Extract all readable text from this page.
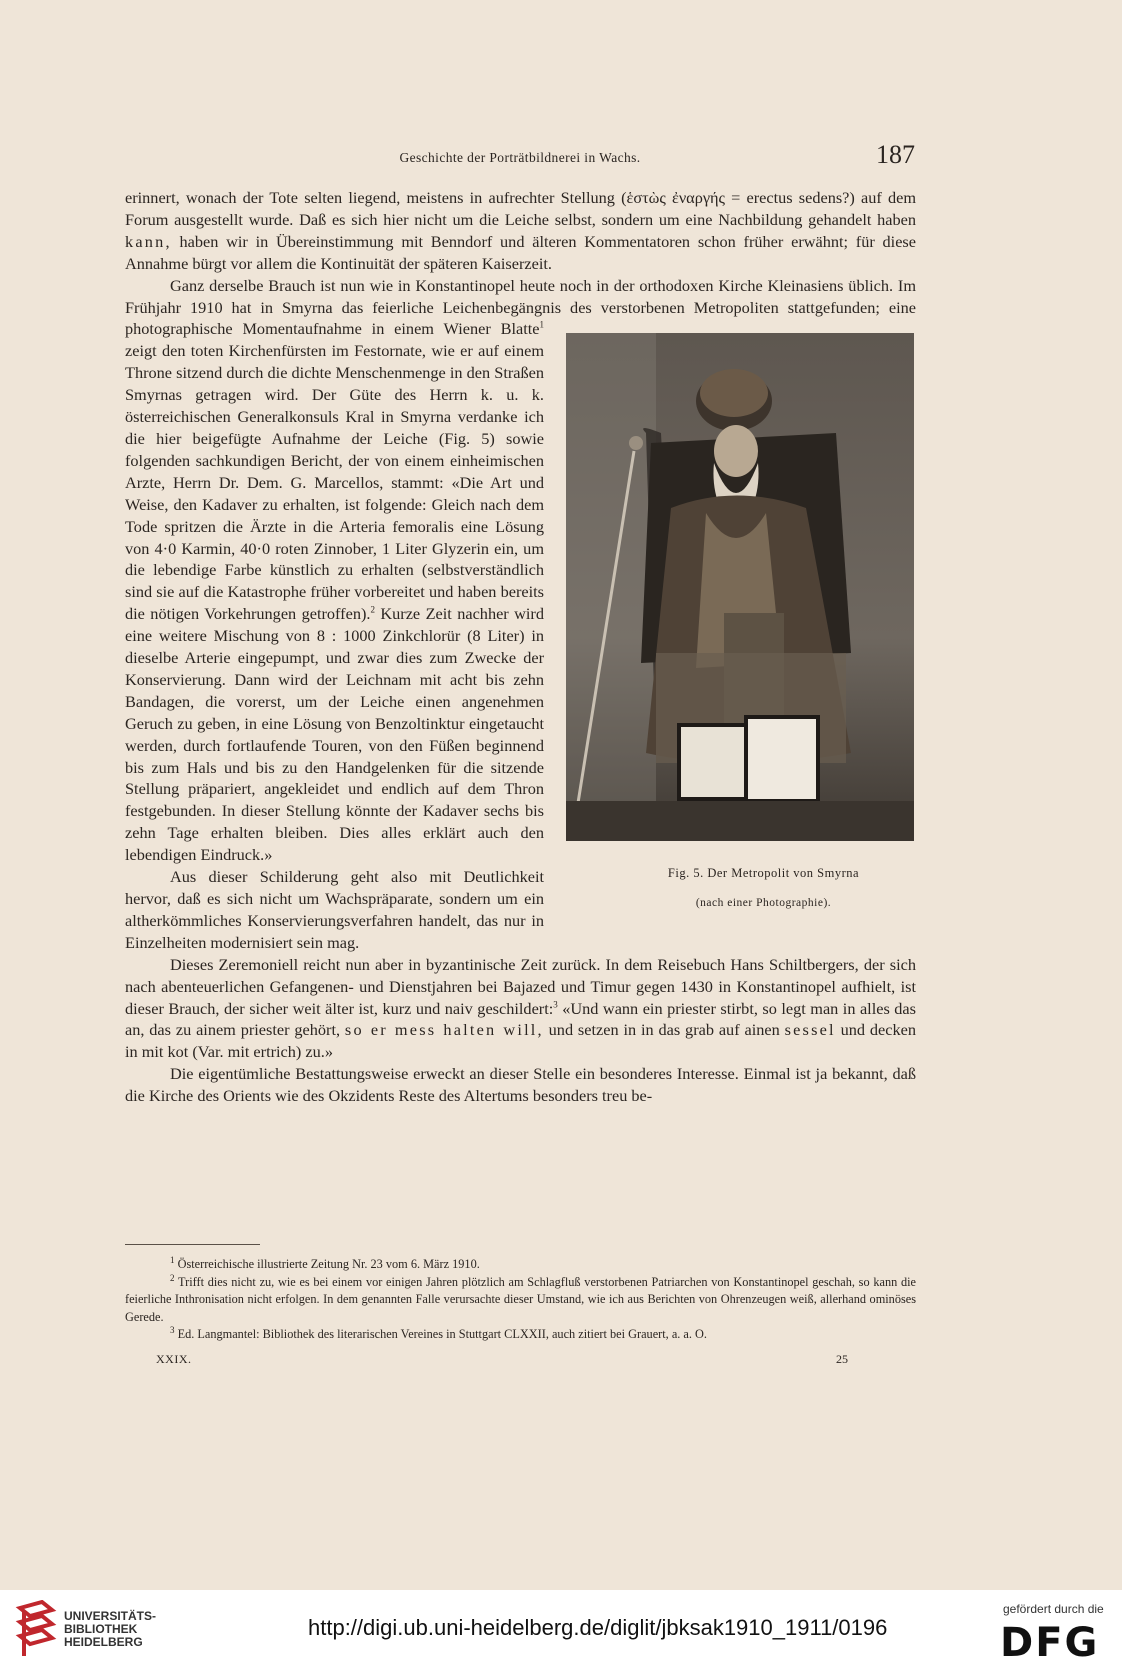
Geschichte der Porträtbildnerei in Wachs.	187

erinnert, wonach der Tote selten liegend, meistens in aufrechter Stellung (ἑστὼς ἐναργής = erectus sedens?) auf dem Forum ausgestellt wurde. Daß es sich hier nicht um die Leiche selbst, sondern um eine Nachbildung gehandelt haben kann, haben wir in Übereinstimmung mit Benndorf und älteren Kommentatoren schon früher erwähnt; für diese Annahme bürgt vor allem die Kontinuität der späteren Kaiserzeit.

Ganz derselbe Brauch ist nun wie in Konstantinopel heute noch in der orthodoxen Kirche Kleinasiens üblich. Im Frühjahr 1910 hat in Smyrna das feierliche Leichenbegängnis des verstorbenen Metropoliten stattgefunden; eine photographische Momentaufnahme in einem Wiener Blatte$^1$
Fig. 5. Der Metropolit von Smyrna
(nach einer Photographie).
zeigt den toten Kirchenfürsten im Festornate, wie er auf einem Throne sitzend durch die dichte Menschenmenge in den Straßen Smyrnas getragen wird. Der Güte des Herrn k. u. k. österreichischen Generalkonsuls Kral in Smyrna verdanke ich die hier beigefügte Aufnahme der Leiche (Fig. 5) sowie folgenden sachkundigen Bericht, der von einem einheimischen Arzte, Herrn Dr. Dem. G. Marcellos, stammt: «Die Art und Weise, den Kadaver zu erhalten, ist folgende: Gleich nach dem Tode spritzen die Ärzte in die Arteria femoralis eine Lösung von 4·0 Karmin, 40·0 roten Zinnober, 1 Liter Glyzerin ein, um die lebendige Farbe künstlich zu erhalten (selbstverständlich sind sie auf die Katastrophe früher vorbereitet und haben bereits die nötigen Vorkehrungen getroffen).$^2$ Kurze Zeit nachher wird eine weitere Mischung von 8 : 1000 Zinkchlorür (8 Liter) in dieselbe Arterie eingepumpt, und zwar dies zum Zwecke der Konservierung. Dann wird der Leichnam mit acht bis zehn Bandagen, die vorerst, um der Leiche einen angenehmen Geruch zu geben, in eine Lösung von Benzoltinktur eingetaucht werden, durch fortlaufende Touren, von den Füßen beginnend bis zum Hals und bis zu den Handgelenken für die sitzende Stellung präpariert, angekleidet und endlich auf dem Thron festgebunden. In dieser Stellung könnte der Kadaver sechs bis zehn Tage erhalten bleiben. Dies alles erklärt auch den lebendigen Eindruck.»

Aus dieser Schilderung geht also mit Deutlichkeit hervor, daß es sich nicht um Wachspräparate, sondern um ein altherkömmliches Konservierungsverfahren handelt, das nur in Einzelheiten modernisiert sein mag.

Dieses Zeremoniell reicht nun aber in byzantinische Zeit zurück. In dem Reisebuch Hans Schiltbergers, der sich nach abenteuerlichen Gefangenen- und Dienstjahren bei Bajazed und Timur gegen 1430 in Konstantinopel aufhielt, ist dieser Brauch, der sicher weit älter ist, kurz und naiv geschildert:$^3$ «Und wann ein priester stirbt, so legt man in alles das an, das zu ainem priester gehört, so er mess halten will, und setzen in in das grab auf ainen sessel und decken in mit kot (Var. mit ertrich) zu.»

Die eigentümliche Bestattungsweise erweckt an dieser Stelle ein besonderes Interesse. Einmal ist ja bekannt, daß die Kirche des Orients wie des Okzidents Reste des Altertums besonders treu be-

$^1$ Österreichische illustrierte Zeitung Nr. 23 vom 6. März 1910.

$^2$ Trifft dies nicht zu, wie es bei einem vor einigen Jahren plötzlich am Schlagfluß verstorbenen Patriarchen von Konstantinopel geschah, so kann die feierliche Inthronisation nicht erfolgen. In dem genannten Falle verursachte dieser Umstand, wie ich aus Berichten von Ohrenzeugen weiß, allerhand ominöses Gerede.

$^3$ Ed. Langmantel: Bibliothek des literarischen Vereines in Stuttgart CLXXII, auch zitiert bei Grauert, a. a. O.

XXIX.	25
UNIVERSITÄTS-
BIBLIOTHEK
HEIDELBERG
http://digi.ub.uni-heidelberg.de/diglit/jbksak1910_1911/0196
gefördert durch die
DFG
